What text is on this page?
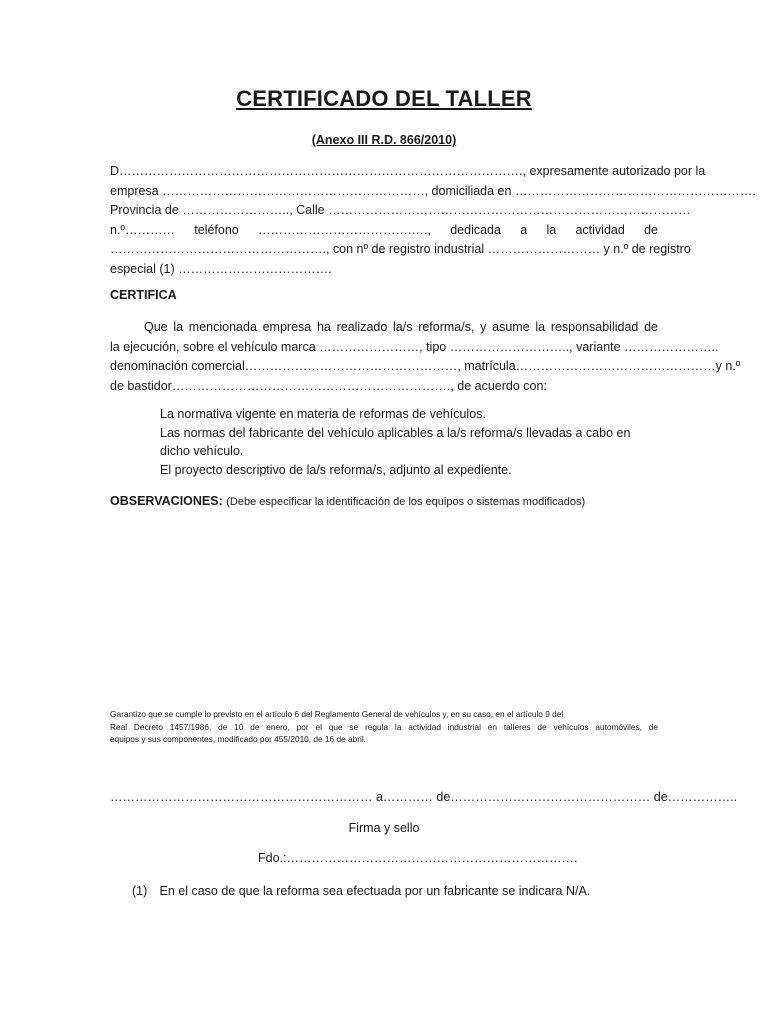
CERTIFICADO DEL TALLER
(Anexo III R.D. 866/2010)
D……………………………………………………………………………………., expresamente autorizado por la
empresa ………………………………………………………, domiciliada en ………………………………………………….
Provincia de …………………….., Calle ……………………………………………………………………………
n.º………… teléfono ……………………………….…., dedicada a la actividad de
……………………………………………., con nº de registro industrial ……………………… y n.º de registro
especial (1) ……………………………….
CERTIFICA
Que la mencionada empresa ha realizado la/s reforma/s, y asume la responsabilidad de
la ejecución, sobre el vehículo marca ……………………, tipo ……………………….., variante …………………..
denominación comercial……………………………………………, matrícula…………………………………………y n.º
de bastidor…………………………………………………………., de acuerdo con:
La normativa vigente en materia de reformas de vehículos.
Las normas del fabricante del vehículo aplicables a la/s reforma/s llevadas a cabo en dicho vehículo.
El proyecto descriptivo de la/s reforma/s, adjunto al expediente.
OBSERVACIONES: (Debe especificar la identificación de los equipos o sistemas modificados)
Garantizo que se cumple lo previsto en el artículo 6 del Reglamento General de vehículos y, en su caso, en el artículo 9 del
Real Decreto 1457/1986, de 10 de enero, por el que se regula la actividad industrial en talleres de vehículos automóviles, de
equipos y sus componentes, modificado por 455/2010, de 16 de abril.
……………………………………………………… a………… de………………………………………… de……………..
Firma y sello
Fdo.:…………………………………………………………….
(1) En el caso de que la reforma sea efectuada por un fabricante se indicara N/A.
